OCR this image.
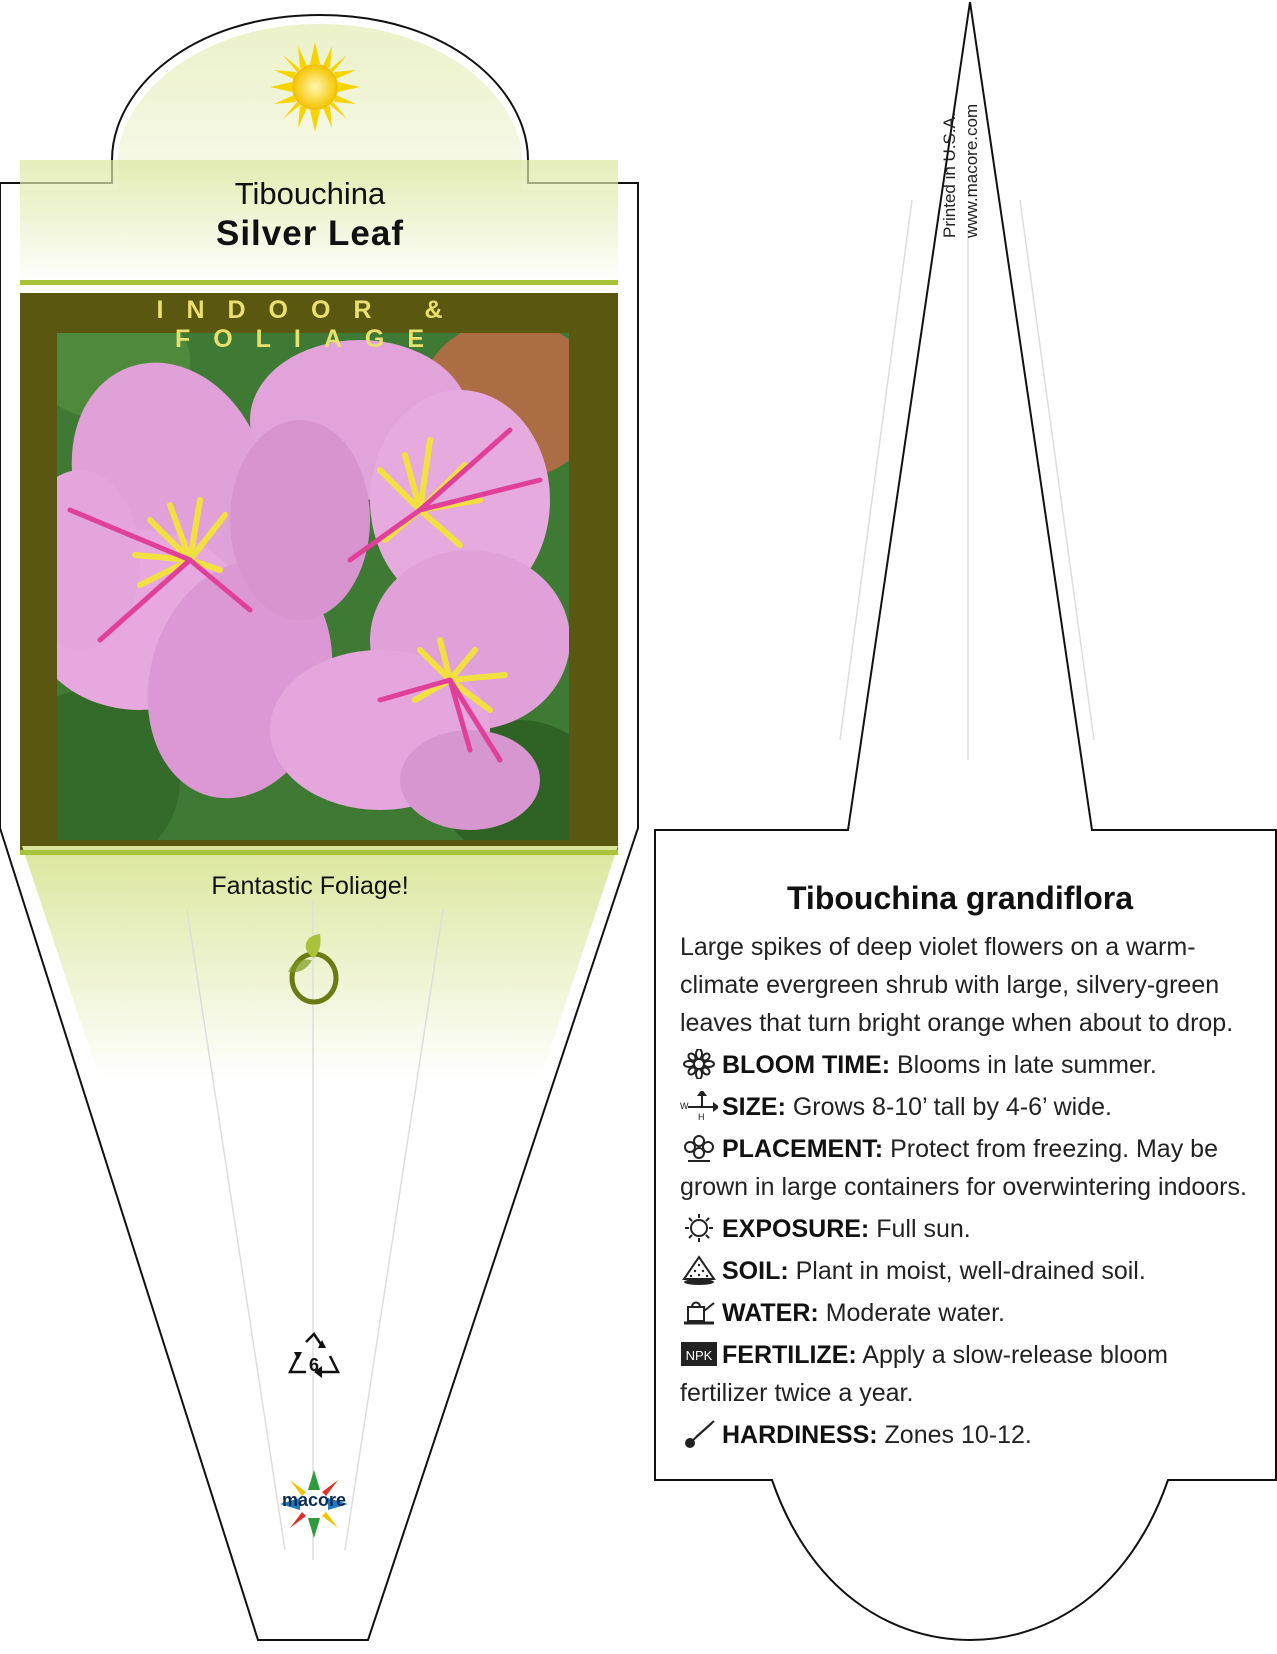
Tibouchina
Silver Leaf
INDOOR & FOLIAGE
Fantastic Foliage!
6
macore
Printed in U.S.A. www.macore.com
Tibouchina grandiflora
Large spikes of deep violet flowers on a warm-climate evergreen shrub with large, silvery-green leaves that turn bright orange when about to drop.
BLOOM TIME: Blooms in late summer.
W
H SIZE: Grows 8-10’ tall by 4-6’ wide.
PLACEMENT: Protect from freezing. May be grown in large containers for overwintering indoors.
EXPOSURE: Full sun.
SOIL: Plant in moist, well-drained soil.
WATER: Moderate water.
NPK FERTILIZE: Apply a slow-release bloom fertilizer twice a year.
HARDINESS: Zones 10-12.
